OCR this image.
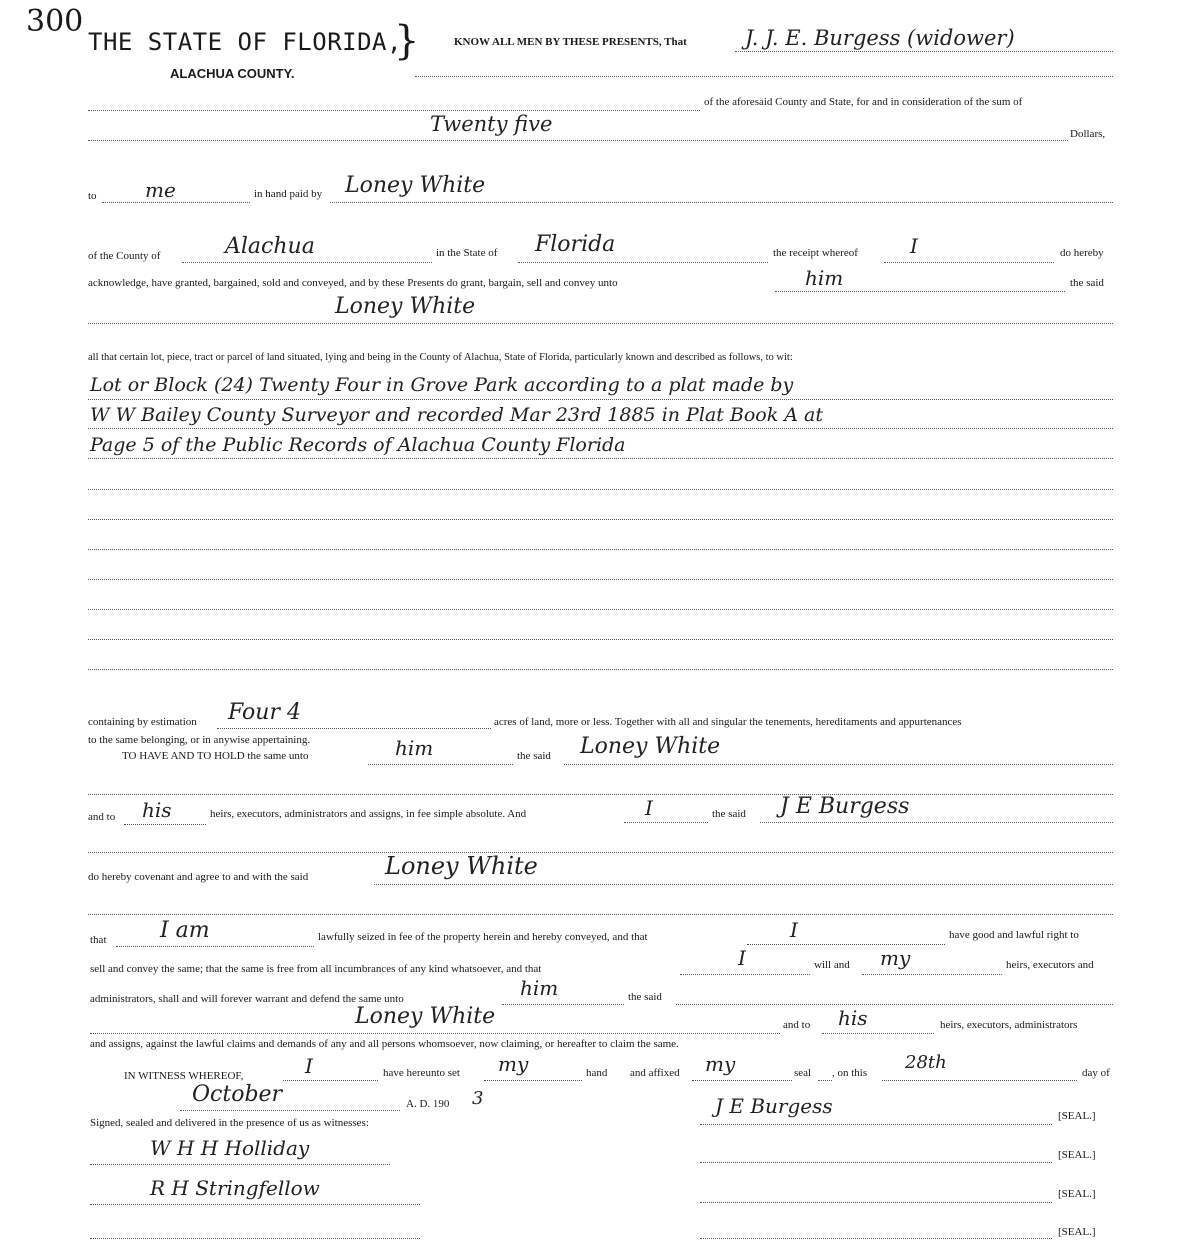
300
THE STATE OF FLORIDA,
}
ALACHUA COUNTY.
KNOW ALL MEN BY THESE PRESENTS, That	J. J. E. Burgess (widower)
of the aforesaid County and State, for and in consideration of the sum of
Twenty five	Dollars,
to me	in hand paid by Loney White
of the County of	Alachua	in the State of Florida	the receipt whereof	I	do hereby
acknowledge, have granted, bargained, sold and conveyed, and by these Presents do grant, bargain, sell and convey unto	him	the said
Loney White
all that certain lot, piece, tract or parcel of land situated, lying and being in the County of Alachua, State of Florida, particularly known and described as follows, to wit:
Lot or Block (24) Twenty Four in Grove Park according to a plat made by
W W Bailey County Surveyor and recorded Mar 23rd 1885 in Plat Book A at
Page 5 of the Public Records of Alachua County Florida
containing by estimation Four 4	acres of land, more or less. Together with all and singular the tenements, hereditaments and appurtenances
to the same belonging, or in anywise appertaining.
TO HAVE AND TO HOLD the same unto	him	the said Loney White
and to his	heirs, executors, administrators and assigns, in fee simple absolute. And	I	the said J E Burgess
do hereby covenant and agree to and with the said	Loney White
that I am	lawfully seized in fee of the property herein and hereby conveyed, and that	I	have good and lawful right to
sell and convey the same; that the same is free from all incumbrances of any kind whatsoever, and that	I	will and my	heirs, executors and
administrators, shall and will forever warrant and defend the same unto	him	the said
Loney White	and to his	heirs, executors, administrators
and assigns, against the lawful claims and demands of any and all persons whomsoever, now claiming, or hereafter to claim the same.
IN WITNESS WHEREOF,	I	have hereunto set my	hand and affixed my	seal , on this 28th	day of
October	A. D. 190 3
Signed, sealed and delivered in the presence of us as witnesses:
J E Burgess	[SEAL.]
W H H Holliday	[SEAL.]
R H Stringfellow	[SEAL.]
[SEAL.]
